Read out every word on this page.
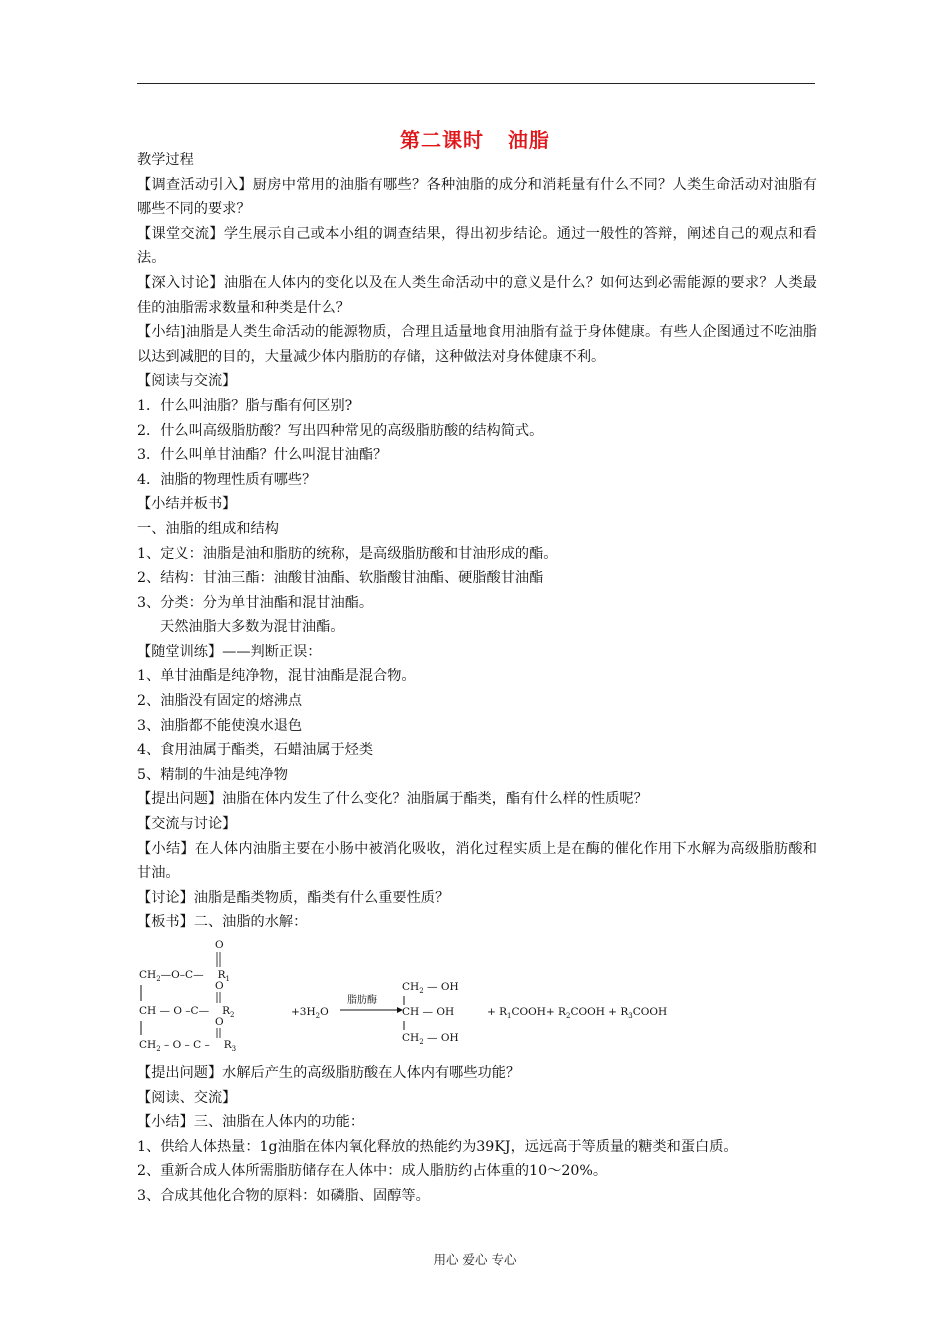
第二课时   油脂

教学过程

【调查活动引入】厨房中常用的油脂有哪些？各种油脂的成分和消耗量有什么不同？人类生命活动对油脂有哪些不同的要求？

【课堂交流】学生展示自己或本小组的调查结果，得出初步结论。通过一般性的答辩，阐述自己的观点和看法。

【深入讨论】油脂在人体内的变化以及在人类生命活动中的意义是什么？如何达到必需能源的要求？人类最佳的油脂需求数量和种类是什么？

【小结]油脂是人类生命活动的能源物质，合理且适量地食用油脂有益于身体健康。有些人企图通过不吃油脂以达到减肥的目的，大量减少体内脂肪的存储，这种做法对身体健康不利。

【阅读与交流】

1．什么叫油脂？脂与酯有何区别?

2．什么叫高级脂肪酸？写出四种常见的高级脂肪酸的结构简式。

3．什么叫单甘油酯？什么叫混甘油酯？

4．油脂的物理性质有哪些？

【小结并板书】

一、油脂的组成和结构

1、定义：油脂是油和脂肪的统称，是高级脂肪酸和甘油形成的酯。

2、结构：甘油三酯：油酸甘油酯、软脂酸甘油酯、硬脂酸甘油酯

3、分类：分为单甘油酯和混甘油酯。

天然油脂大多数为混甘油酯。

【随堂训练】——判断正误：

1、单甘油酯是纯净物，混甘油酯是混合物。

2、油脂没有固定的熔沸点

3、油脂都不能使溴水退色

4、食用油属于酯类，石蜡油属于烃类

5、精制的牛油是纯净物

【提出问题】油脂在体内发生了什么变化？油脂属于酯类，酯有什么样的性质呢？

【交流与讨论】

【小结】在人体内油脂主要在小肠中被消化吸收，消化过程实质上是在酶的催化作用下水解为高级脂肪酸和甘油。

【讨论】油脂是酯类物质，酯类有什么重要性质？

【板书】二、油脂的水解：

$CH_2—O-C—$ $R_1$
CH — O –C— $R_2$
$CH_2$ – O – C – $R_3$
O
O
O
$+3H_2O$
脂肪酶
$CH_2$ — OH
CH — OH
$CH_2$ — OH
+ $R_1COOH+$ $R_2COOH$ + $R_3COOH$

【提出问题】水解后产生的高级脂肪酸在人体内有哪些功能？

【阅读、交流】

【小结】三、油脂在人体内的功能：

1、供给人体热量：1g油脂在体内氧化释放的热能约为39KJ，远远高于等质量的糖类和蛋白质。

2、重新合成人体所需脂肪储存在人体中：成人脂肪约占体重的10～20%。

3、合成其他化合物的原料：如磷脂、固醇等。

用心 爱心 专心
